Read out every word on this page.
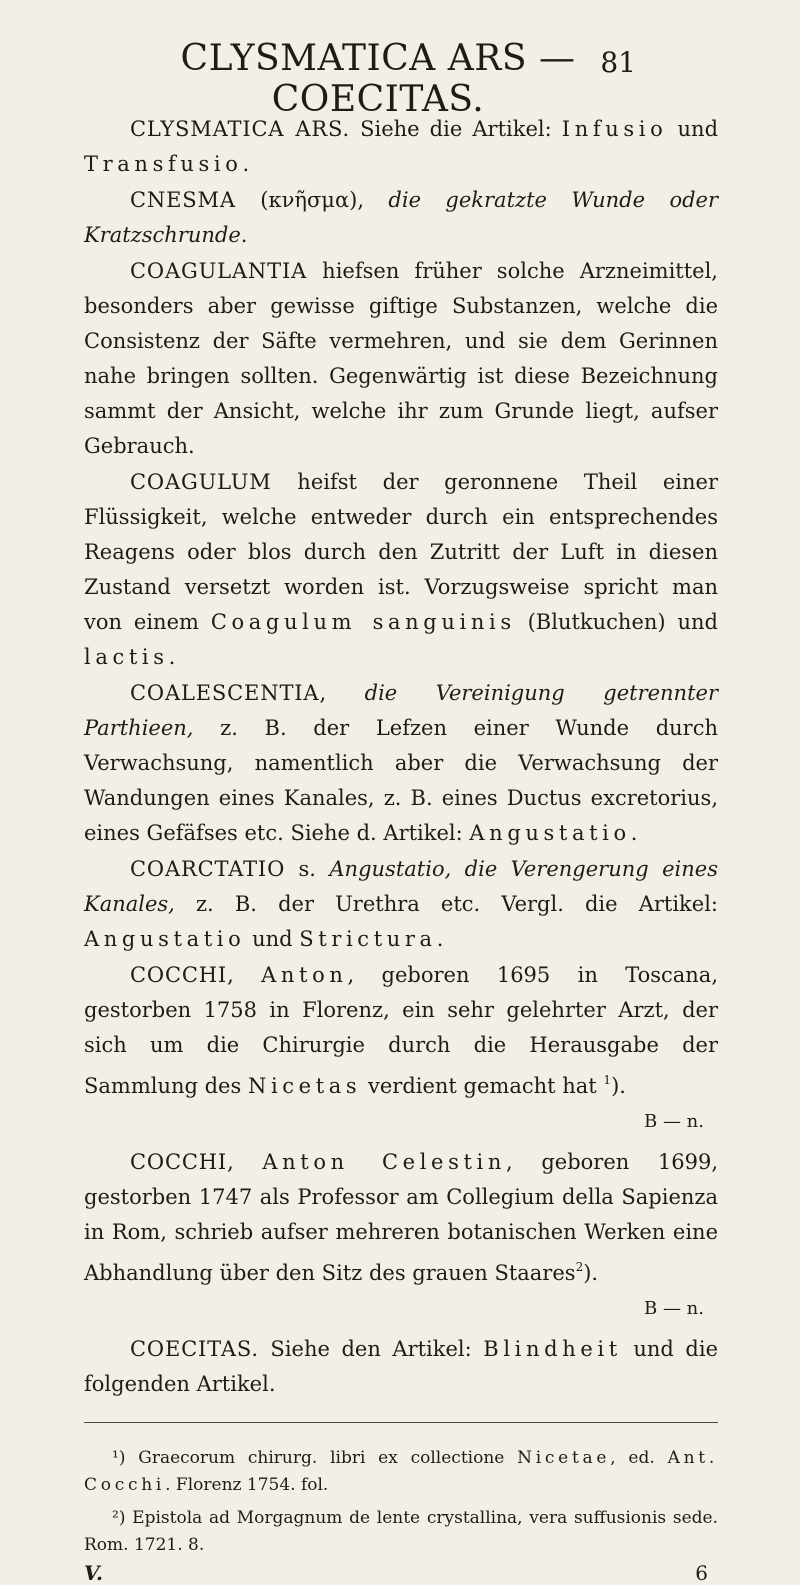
CLYSMATICA ARS — COECITAS.
81

CLYSMATICA ARS. Siehe die Artikel: Infusio und Transfusio.

CNESMA (κνῆσμα), die gekratzte Wunde oder Kratzschrunde.

COAGULANTIA hiefsen früher solche Arzneimittel, besonders aber gewisse giftige Substanzen, welche die Consistenz der Säfte vermehren, und sie dem Gerinnen nahe bringen sollten. Gegenwärtig ist diese Bezeichnung sammt der Ansicht, welche ihr zum Grunde liegt, aufser Gebrauch.

COAGULUM heifst der geronnene Theil einer Flüssigkeit, welche entweder durch ein entsprechendes Reagens oder blos durch den Zutritt der Luft in diesen Zustand versetzt worden ist. Vorzugsweise spricht man von einem Coagulum sanguinis (Blutkuchen) und lactis.

COALESCENTIA, die Vereinigung getrennter Parthieen, z. B. der Lefzen einer Wunde durch Verwachsung, namentlich aber die Verwachsung der Wandungen eines Kanales, z. B. eines Ductus excretorius, eines Gefäfses etc. Siehe d. Artikel: Angustatio.

COARCTATIO s. Angustatio, die Verengerung eines Kanales, z. B. der Urethra etc. Vergl. die Artikel: Angustatio und Strictura.

COCCHI, Anton, geboren 1695 in Toscana, gestorben 1758 in Florenz, ein sehr gelehrter Arzt, der sich um die Chirurgie durch die Herausgabe der Sammlung des Nicetas verdient gemacht hat $^1$).

B — n.

COCCHI, Anton Celestin, geboren 1699, gestorben 1747 als Professor am Collegium della Sapienza in Rom, schrieb aufser mehreren botanischen Werken eine Abhandlung über den Sitz des grauen Staares$^2$).

B — n.

COECITAS. Siehe den Artikel: Blindheit und die folgenden Artikel.

¹) Graecorum chirurg. libri ex collectione Nicetae, ed. Ant. Cocchi. Florenz 1754. fol.

²) Epistola ad Morgagnum de lente crystallina, vera suffusionis sede. Rom. 1721. 8.

V.	6
